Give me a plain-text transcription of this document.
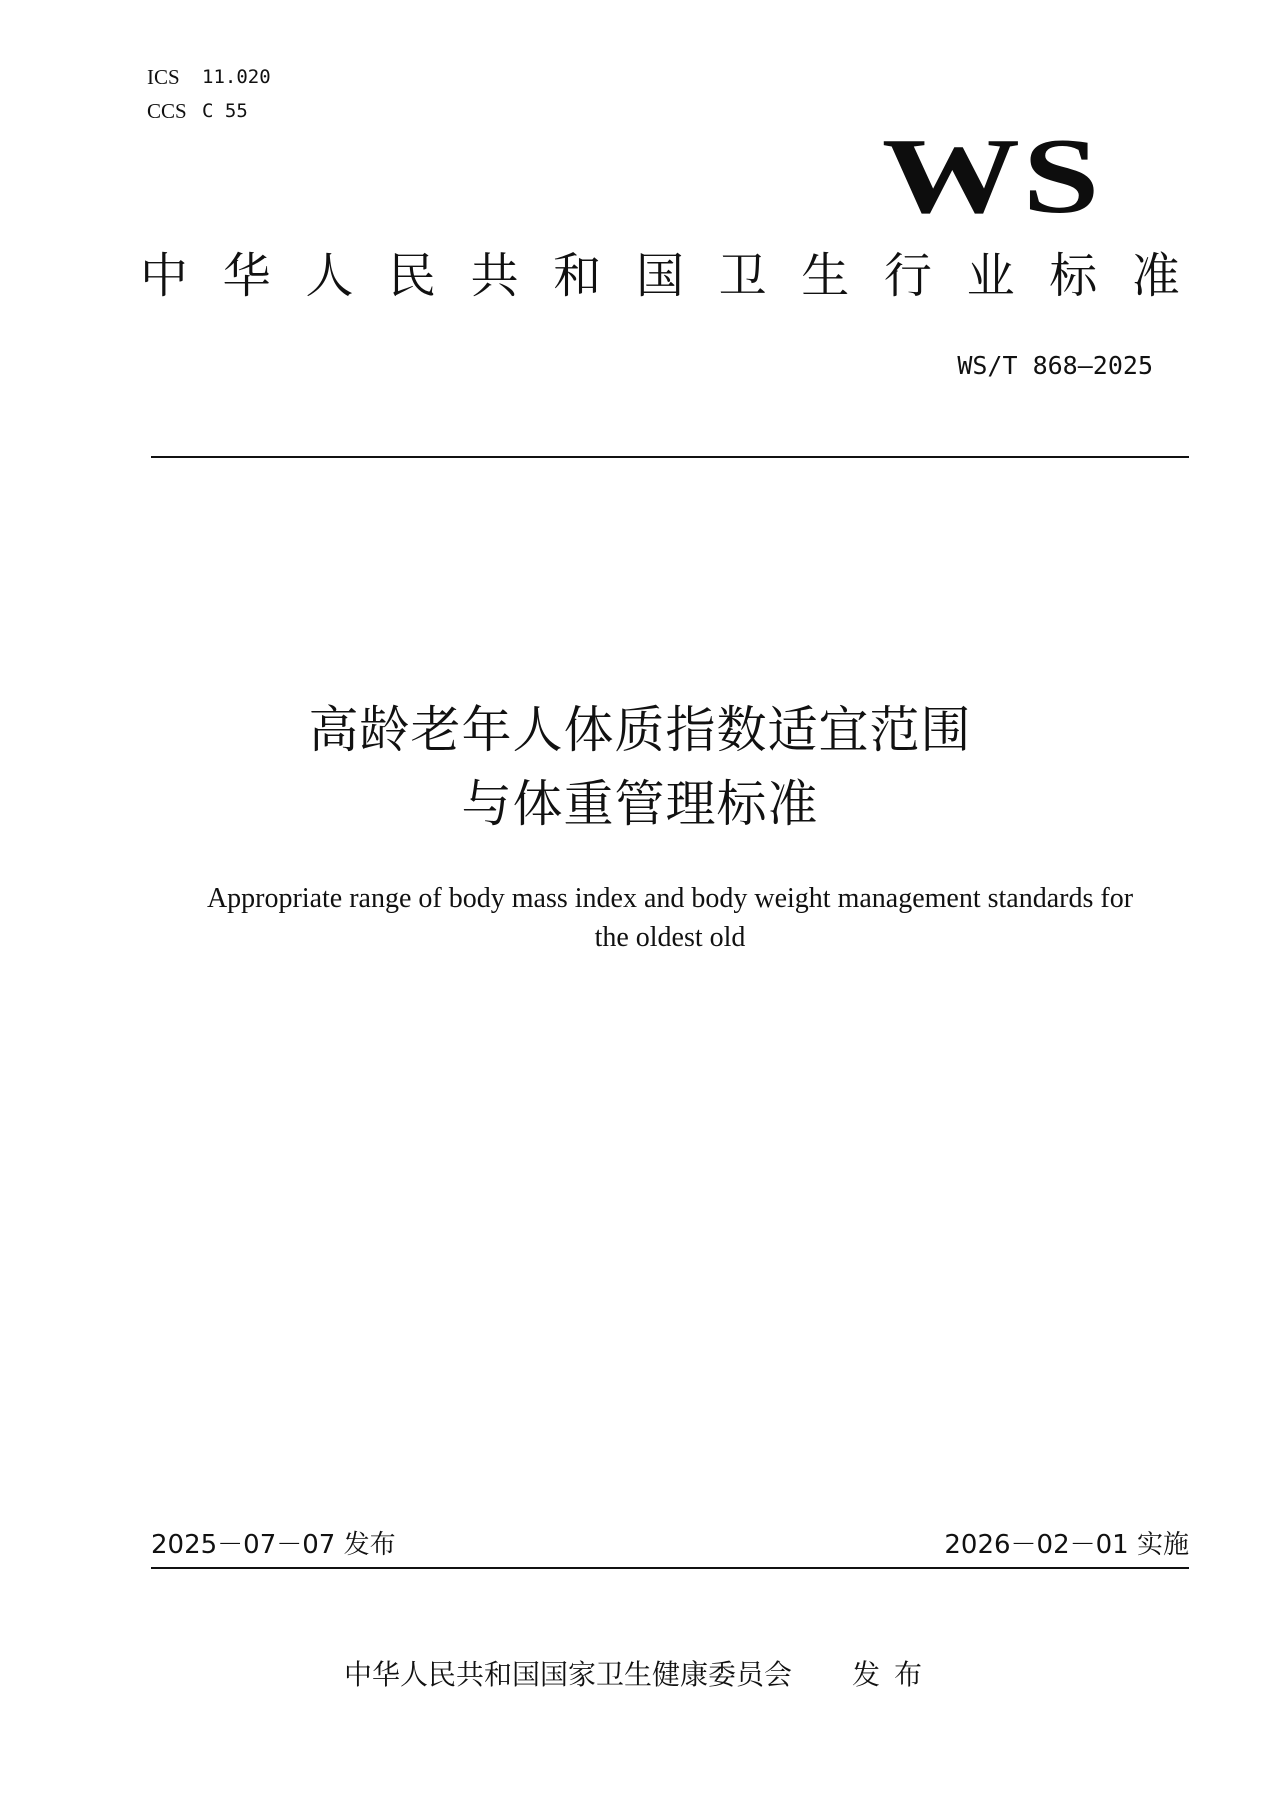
ICS	11.020
CCS C 55
WS
中 华 人 民 共 和 国 卫 生 行 业 标 准
WS/T 868—2025
高龄老年人体质指数适宜范围
与体重管理标准
Appropriate range of body mass index and body weight management standards for
the oldest old
2025－07－07 发布	2026－02－01 实施
中华人民共和国国家卫生健康委员会 发布
